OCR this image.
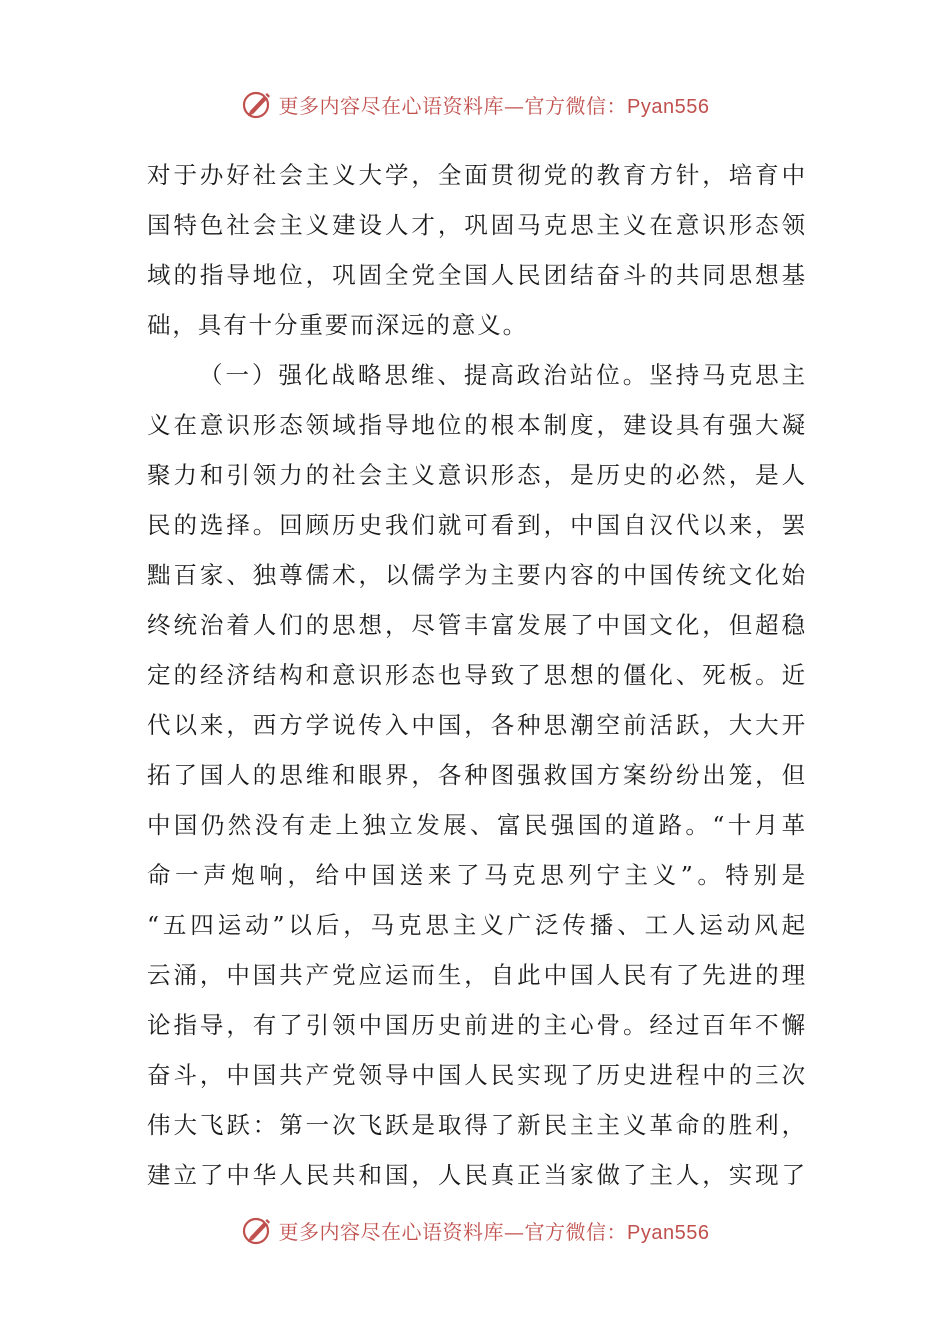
更多内容尽在心语资料库—官方微信：Pyan556
对于办好社会主义大学，全面贯彻党的教育方针，培育中
国特色社会主义建设人才，巩固马克思主义在意识形态领
域的指导地位，巩固全党全国人民团结奋斗的共同思想基
础，具有十分重要而深远的意义。
（一）强化战略思维、提高政治站位。坚持马克思主
义在意识形态领域指导地位的根本制度，建设具有强大凝
聚力和引领力的社会主义意识形态，是历史的必然，是人
民的选择。回顾历史我们就可看到，中国自汉代以来，罢
黜百家、独尊儒术，以儒学为主要内容的中国传统文化始
终统治着人们的思想，尽管丰富发展了中国文化，但超稳
定的经济结构和意识形态也导致了思想的僵化、死板。近
代以来，西方学说传入中国，各种思潮空前活跃，大大开
拓了国人的思维和眼界，各种图强救国方案纷纷出笼，但
中国仍然没有走上独立发展、富民强国的道路。“十月革
命一声炮响，给中国送来了马克思列宁主义”。特别是
“五四运动”以后，马克思主义广泛传播、工人运动风起
云涌，中国共产党应运而生，自此中国人民有了先进的理
论指导，有了引领中国历史前进的主心骨。经过百年不懈
奋斗，中国共产党领导中国人民实现了历史进程中的三次
伟大飞跃：第一次飞跃是取得了新民主主义革命的胜利，
建立了中华人民共和国，人民真正当家做了主人，实现了
更多内容尽在心语资料库—官方微信：Pyan556
